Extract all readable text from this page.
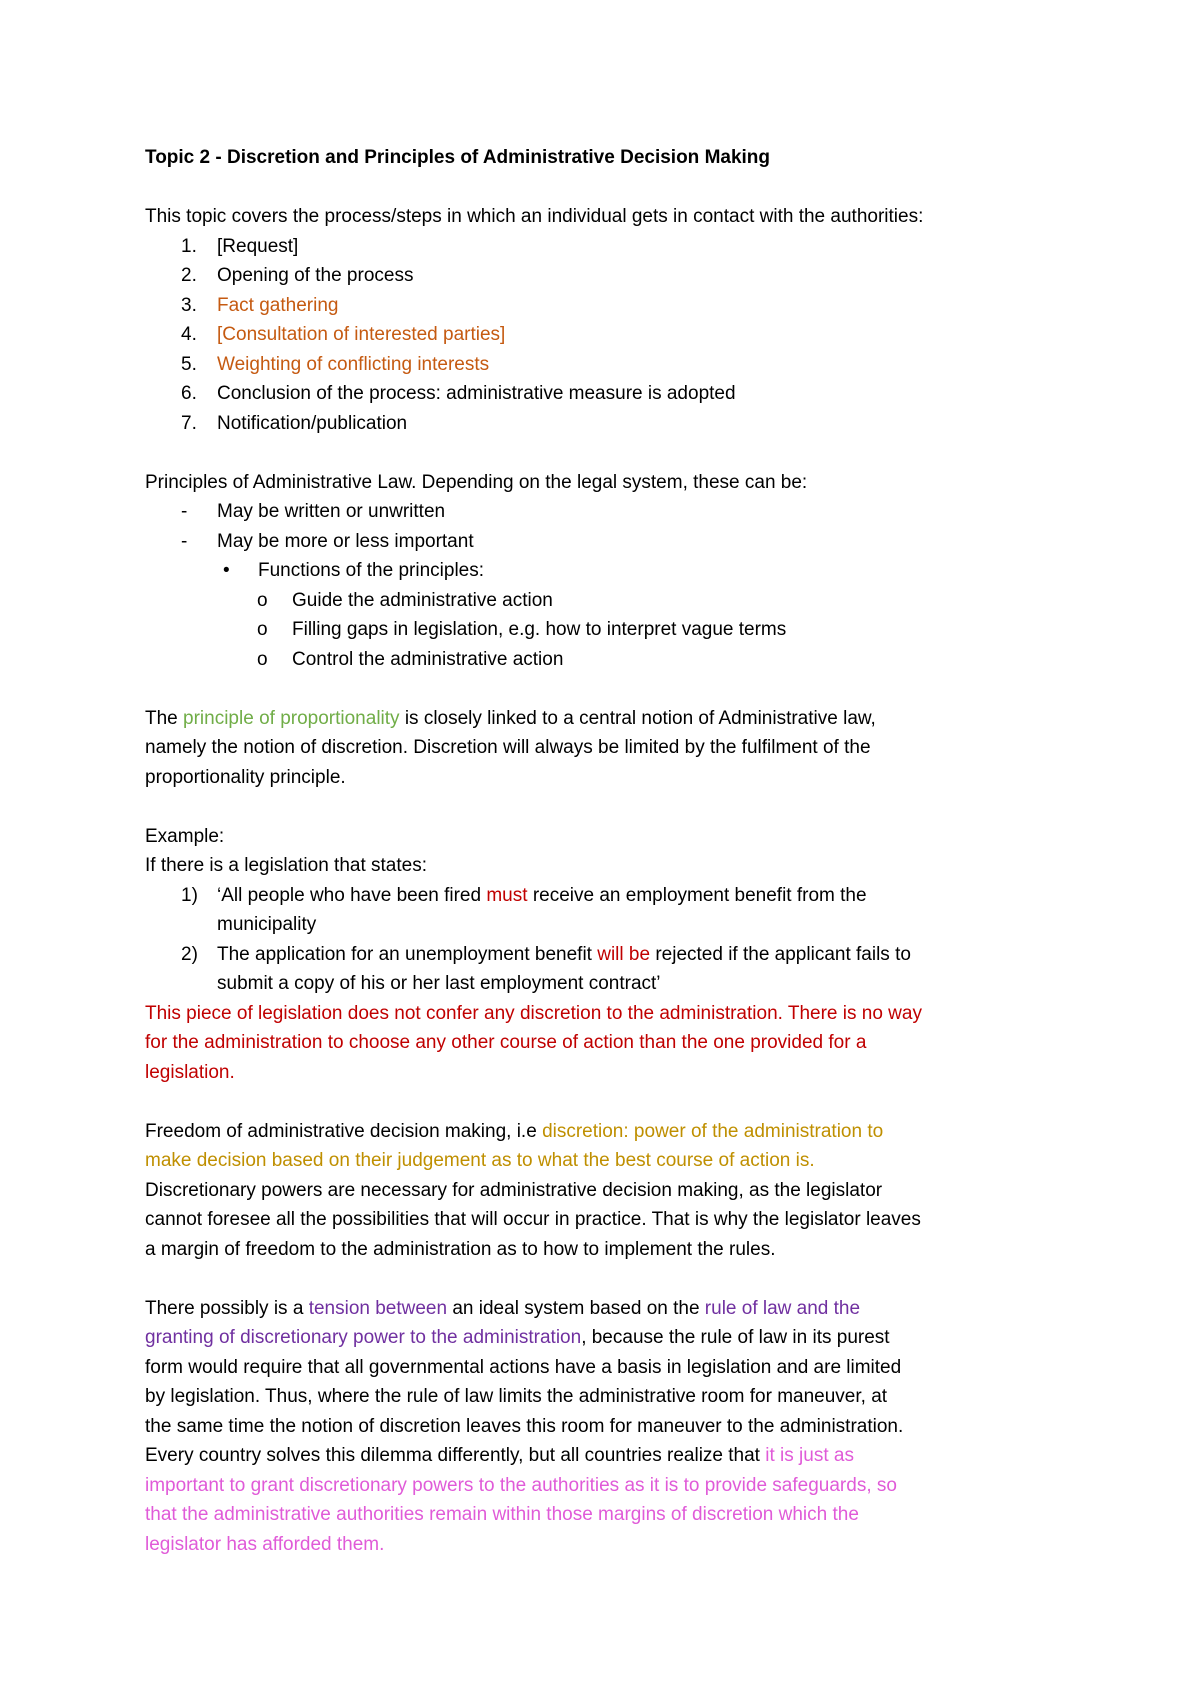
Topic 2 - Discretion and Principles of Administrative Decision Making
This topic covers the process/steps in which an individual gets in contact with the authorities:
1. [Request]
2. Opening of the process
3. Fact gathering
4. [Consultation of interested parties]
5. Weighting of conflicting interests
6. Conclusion of the process: administrative measure is adopted
7. Notification/publication
Principles of Administrative Law. Depending on the legal system, these can be:
- May be written or unwritten
- May be more or less important
• Functions of the principles:
o Guide the administrative action
o Filling gaps in legislation, e.g. how to interpret vague terms
o Control the administrative action
The principle of proportionality is closely linked to a central notion of Administrative law,
namely the notion of discretion. Discretion will always be limited by the fulfilment of the
proportionality principle.
Example:
If there is a legislation that states:
1) ‘All people who have been fired must receive an employment benefit from the
municipality
2) The application for an unemployment benefit will be rejected if the applicant fails to
submit a copy of his or her last employment contract’
This piece of legislation does not confer any discretion to the administration. There is no way
for the administration to choose any other course of action than the one provided for a
legislation.
Freedom of administrative decision making, i.e discretion: power of the administration to
make decision based on their judgement as to what the best course of action is.
Discretionary powers are necessary for administrative decision making, as the legislator
cannot foresee all the possibilities that will occur in practice. That is why the legislator leaves
a margin of freedom to the administration as to how to implement the rules.
There possibly is a tension between an ideal system based on the rule of law and the
granting of discretionary power to the administration, because the rule of law in its purest
form would require that all governmental actions have a basis in legislation and are limited
by legislation. Thus, where the rule of law limits the administrative room for maneuver, at
the same time the notion of discretion leaves this room for maneuver to the administration.
Every country solves this dilemma differently, but all countries realize that it is just as
important to grant discretionary powers to the authorities as it is to provide safeguards, so
that the administrative authorities remain within those margins of discretion which the
legislator has afforded them.
